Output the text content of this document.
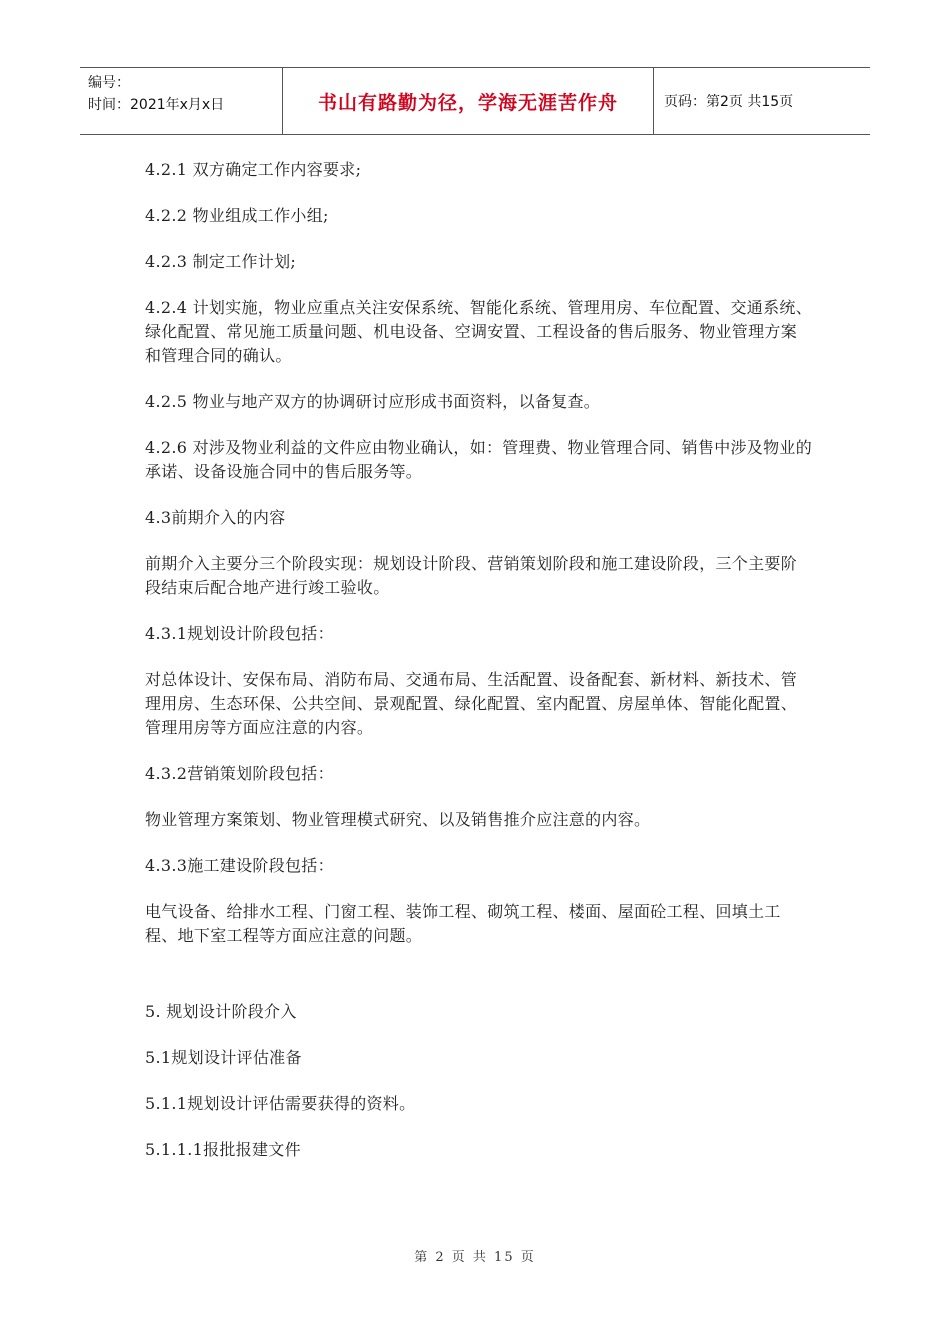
编号：
时间：2021年x月x日	书山有路勤为径，学海无涯苦作舟	页码：第2页 共15页

4.2.1 双方确定工作内容要求;

4.2.2 物业组成工作小组;

4.2.3 制定工作计划;

4.2.4 计划实施，物业应重点关注安保系统、智能化系统、管理用房、车位配置、交通系统、绿化配置、常见施工质量问题、机电设备、空调安置、工程设备的售后服务、物业管理方案和管理合同的确认。

4.2.5 物业与地产双方的协调研讨应形成书面资料，以备复查。

4.2.6 对涉及物业利益的文件应由物业确认，如：管理费、物业管理合同、销售中涉及物业的承诺、设备设施合同中的售后服务等。

4.3前期介入的内容

前期介入主要分三个阶段实现：规划设计阶段、营销策划阶段和施工建设阶段，三个主要阶段结束后配合地产进行竣工验收。

4.3.1规划设计阶段包括：

对总体设计、安保布局、消防布局、交通布局、生活配置、设备配套、新材料、新技术、管理用房、生态环保、公共空间、景观配置、绿化配置、室内配置、房屋单体、智能化配置、管理用房等方面应注意的内容。

4.3.2营销策划阶段包括：

物业管理方案策划、物业管理模式研究、以及销售推介应注意的内容。

4.3.3施工建设阶段包括：

电气设备、给排水工程、门窗工程、装饰工程、砌筑工程、楼面、屋面砼工程、回填土工程、地下室工程等方面应注意的问题。

5. 规划设计阶段介入

5.1规划设计评估准备

5.1.1规划设计评估需要获得的资料。

5.1.1.1报批报建文件

第 2 页 共 15 页
